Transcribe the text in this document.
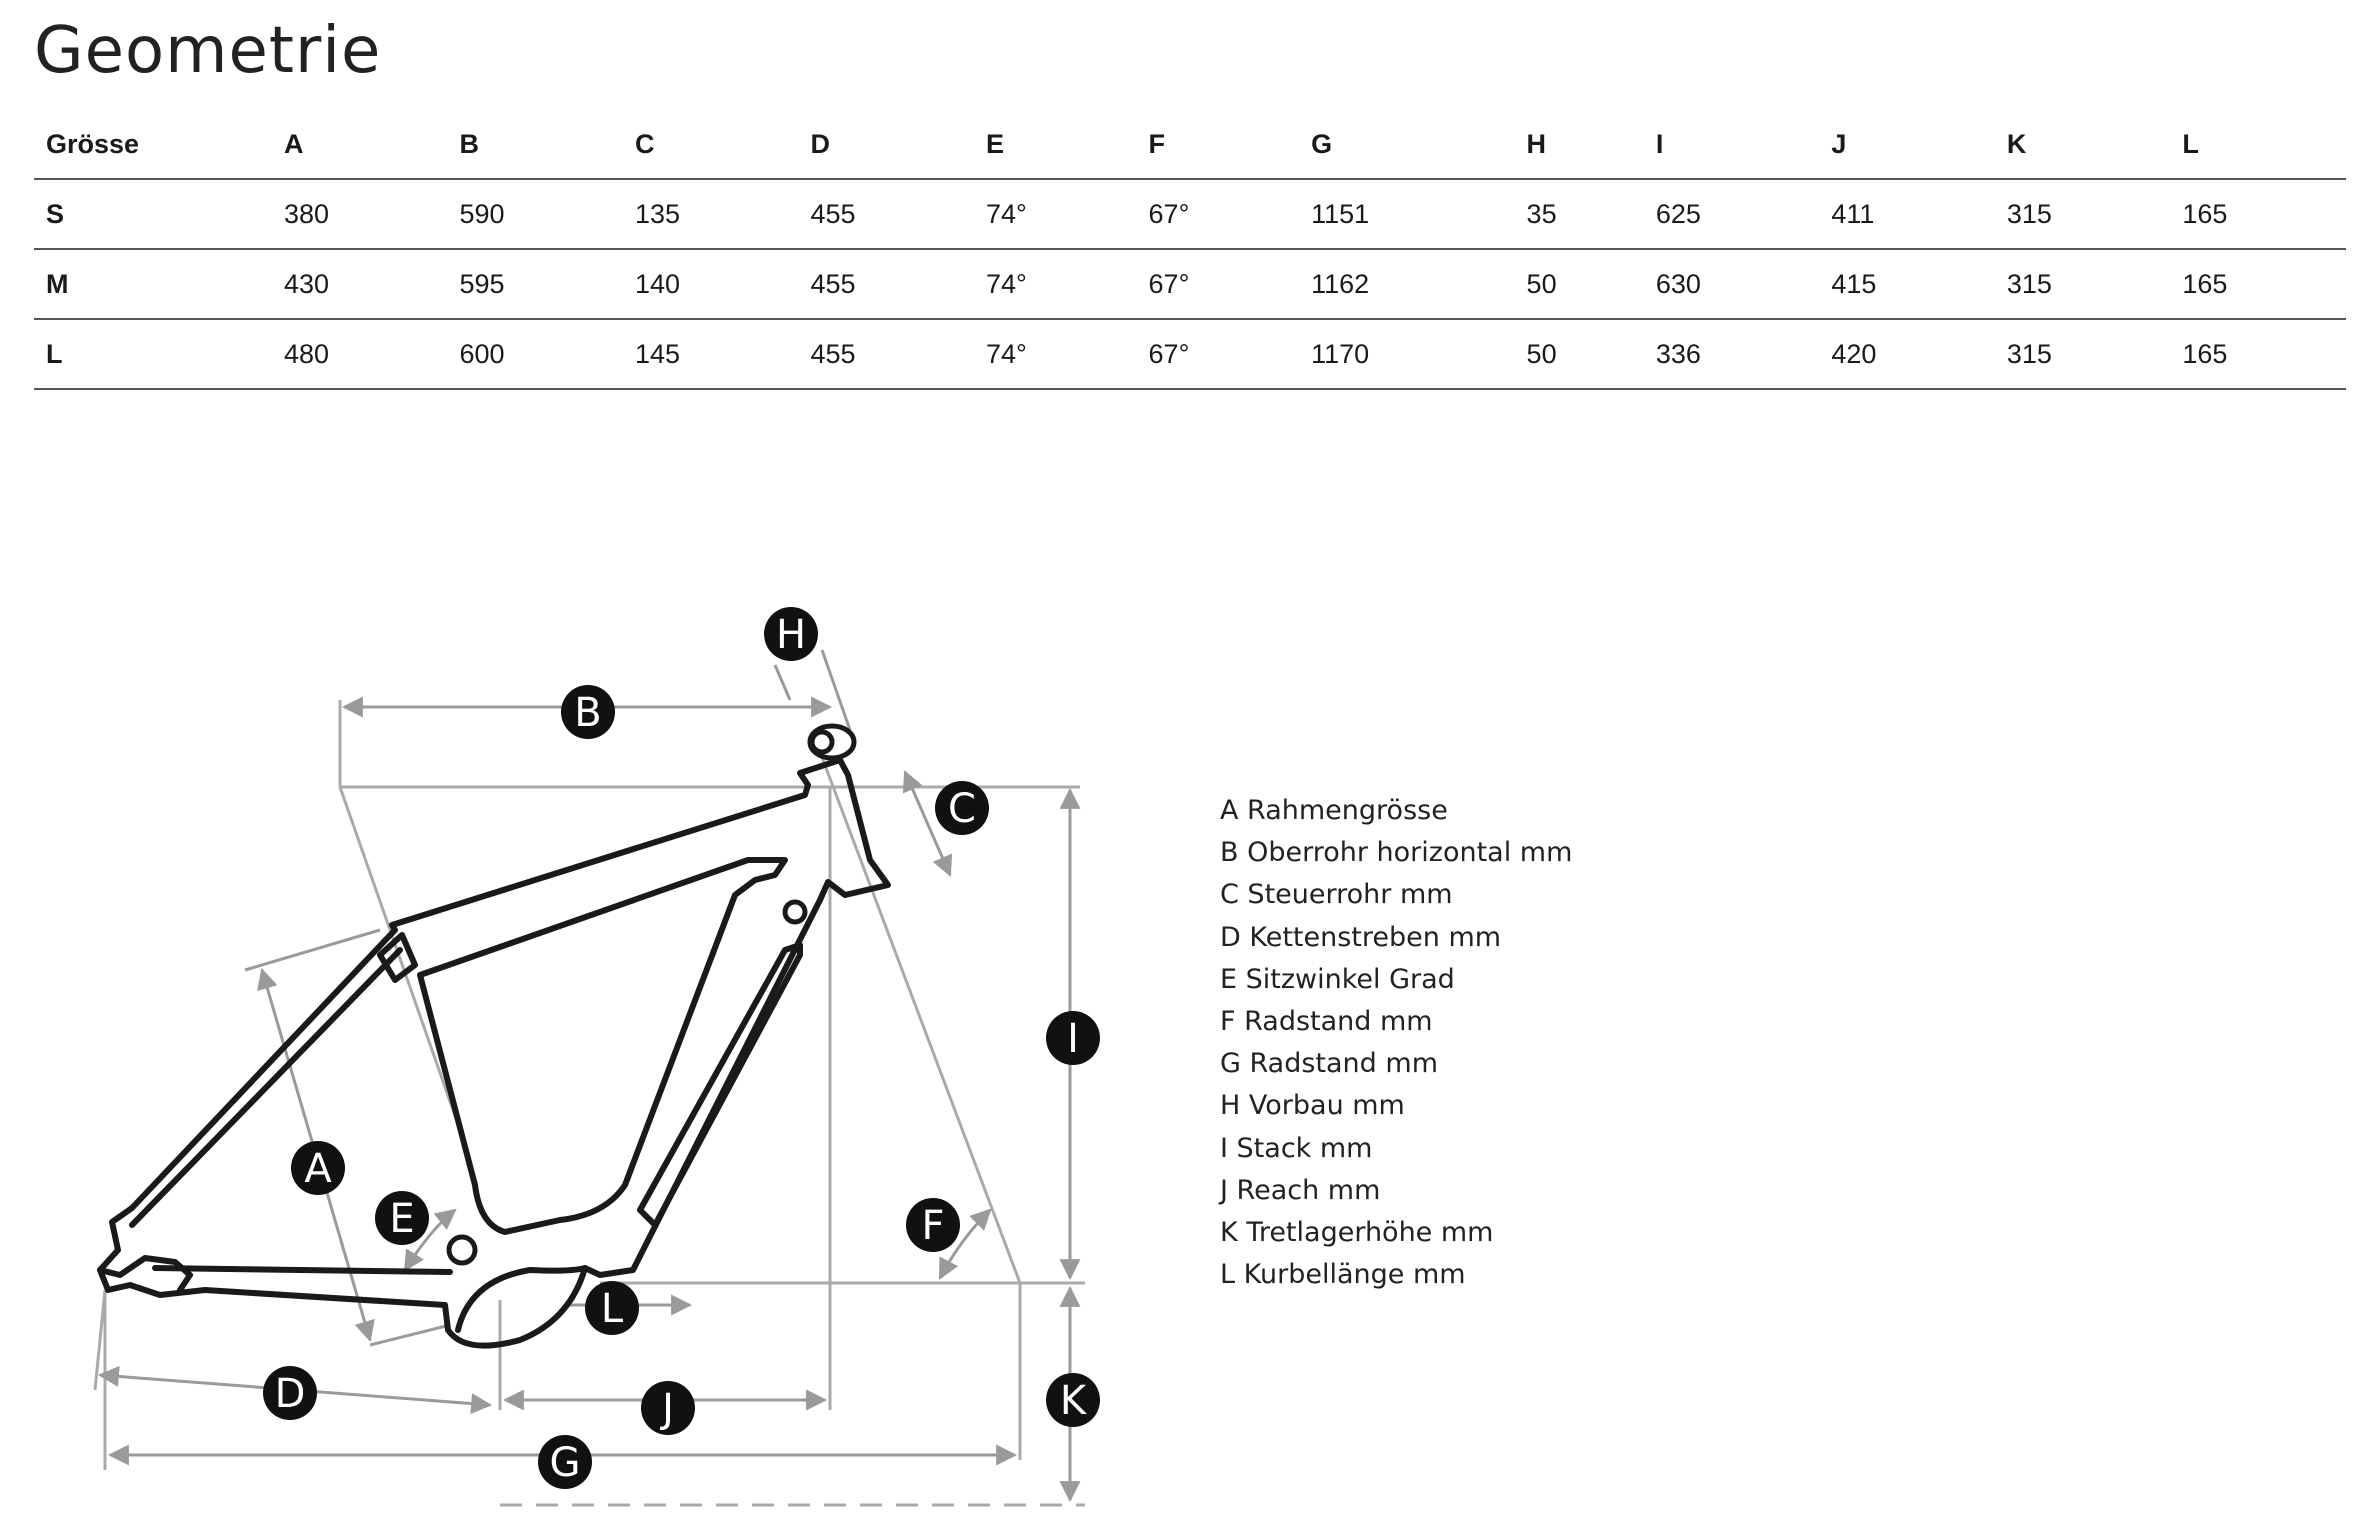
Geometrie
Grösse	A	B	C	D	E	F	G	H	I	J	K	L
S	380	590	135	455	74°	67°	1151	35	625	411	315	165
M	430	595	140	455	74°	67°	1162	50	630	415	315	165
L	480	600	145	455	74°	67°	1170	50	336	420	315	165
A
B
C
D
E	F
G
H
I
J	K
L
A Rahmengrösse
B Oberrohr horizontal mm
C Steuerrohr mm
D Kettenstreben mm
E Sitzwinkel Grad
F Radstand mm
G Radstand mm
H Vorbau mm
I Stack mm
J Reach mm
K Tretlagerhöhe mm
L Kurbellänge mm
